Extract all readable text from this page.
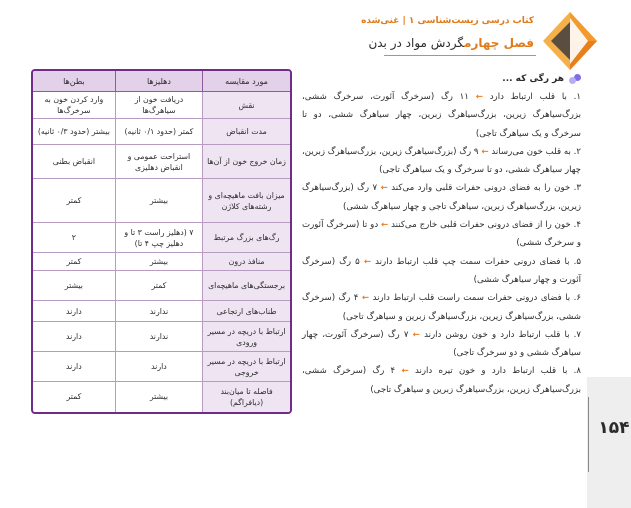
کتاب درسی زیست‌شناسی ۱ | غنی‌شده
فصل چهارمگردش مواد در بدن
هر رگی که ...

۱. با قلب ارتباط دارد ← ۱۱ رگ (سرخرگ آئورت، سرخرگ ششی، بزرگ‌سیاهرگ زیرین، بزرگ‌سیاهرگ زبرین، چهار سیاهرگ ششی، دو تا سرخرگ و یک سیاهرگ تاجی)

۲. به قلب خون می‌رساند ← ۹ رگ (بزرگ‌سیاهرگ زیرین، بزرگ‌سیاهرگ زبرین، چهار سیاهرگ ششی، دو تا سرخرگ و یک سیاهرگ تاجی)

۳. خون را به فضای درونی حفرات قلبی وارد می‌کند ← ۷ رگ (بزرگ‌سیاهرگ زیرین، بزرگ‌سیاهرگ زبرین، سیاهرگ تاجی و چهار سیاهرگ ششی)

۴. خون را از فضای درونی حفرات قلبی خارج می‌کنند ← دو تا (سرخرگ آئورت و سرخرگ ششی)

۵. با فضای درونی حفرات سمت چپ قلب ارتباط دارند ← ۵ رگ (سرخرگ آئورت و چهار سیاهرگ ششی)

۶. با فضای درونی حفرات سمت راست قلب ارتباط دارند ← ۴ رگ (سرخرگ ششی، بزرگ‌سیاهرگ زیرین، بزرگ‌سیاهرگ زبرین و سیاهرگ تاجی)

۷. با قلب ارتباط دارد و خون روشن دارند ← ۷ رگ (سرخرگ آئورت، چهار سیاهرگ ششی و دو سرخرگ تاجی)

۸. با قلب ارتباط دارد و خون تیره دارند ← ۴ رگ (سرخرگ ششی، بزرگ‌سیاهرگ زیرین، بزرگ‌سیاهرگ زبرین و سیاهرگ تاجی)

مورد مقایسه	دهلیزها	بطن‌ها
نقش	دریافت خون از سیاهرگ‌ها	وارد کردن خون به سرخرگ‌ها
مدت انقباض	کمتر (حدود ۰/۱ ثانیه)	بیشتر (حدود ۰/۳ ثانیه)
زمان خروج خون از آن‌ها	استراحت عمومی و انقباض دهلیزی	انقباض بطنی
میزان بافت ماهیچه‌ای و رشته‌های کلاژن	بیشتر	کمتر
رگ‌های بزرگ مرتبط	۷ (دهلیز راست ۳ تا و دهلیز چپ ۴ تا)	۲
منافذ درون	بیشتر	کمتر
برجستگی‌های ماهیچه‌ای	کمتر	بیشتر
طناب‌های ارتجاعی	ندارند	دارند
ارتباط با دریچه در مسیر ورودی	ندارند	دارند
ارتباط با دریچه در مسیر خروجی	دارند	دارند
فاصله تا میان‌بند (دیافراگم)	بیشتر	کمتر
۱۵۴
